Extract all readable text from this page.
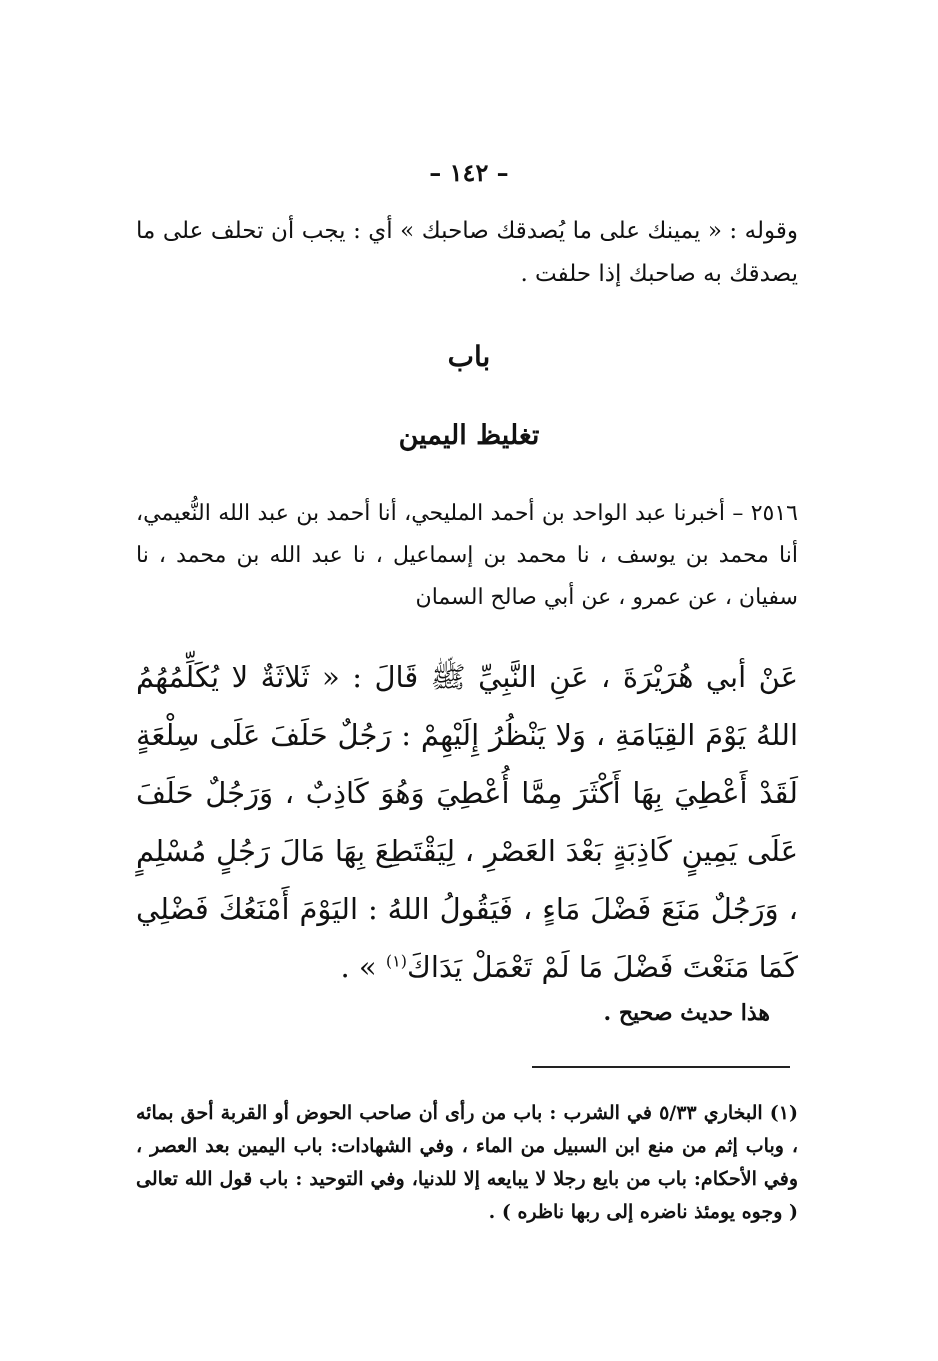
– ١٤٢ –
وقوله : « يمينك على ما يُصدقك صاحبك » أي : يجب أن تحلف على ما يصدقك به صاحبك إذا حلفت .
باب
تغليظ اليمين
٢٥١٦ – أخبرنا عبد الواحد بن أحمد المليحي، أنا أحمد بن عبد الله النُّعيمي، أنا محمد بن يوسف ، نا محمد بن إسماعيل ، نا عبد الله بن محمد ، نا سفيان ، عن عمرو ، عن أبي صالح السمان
عَنْ أبي هُرَيْرَةَ ، عَنِ النَّبِيِّ ﷺ قَالَ : « ثَلاثَةٌ لا يُكَلِّمُهُمُ اللهُ يَوْمَ القِيَامَةِ ، وَلا يَنْظُرُ إِلَيْهِمْ : رَجُلٌ حَلَفَ عَلَى سِلْعَةٍ لَقَدْ أَعْطِيَ بِهَا أَكْثَرَ مِمَّا أُعْطِيَ وَهُوَ كَاذِبٌ ، وَرَجُلٌ حَلَفَ عَلَى يَمِينٍ كَاذِبَةٍ بَعْدَ العَصْرِ ، لِيَقْتَطِعَ بِهَا مَالَ رَجُلٍ مُسْلِمٍ ، وَرَجُلٌ مَنَعَ فَضْلَ مَاءٍ ، فَيَقُولُ اللهُ : اليَوْمَ أَمْنَعُكَ فَضْلِي كَمَا مَنَعْتَ فَضْلَ مَا لَمْ تَعْمَلْ يَدَاكَ$^{(١)}$ » .
هذا حديث صحيح .
(١) البخاري ٥/٣٣ في الشرب : باب من رأى أن صاحب الحوض أو القربة أحق بمائه ، وباب إثم من منع ابن السبيل من الماء ، وفي الشهادات: باب اليمين بعد العصر ، وفي الأحكام: باب من بايع رجلا لا يبايعه إلا للدنيا، وفي التوحيد : باب قول الله تعالى ( وجوه يومئذ ناضره إلى ربها ناظره ) .
